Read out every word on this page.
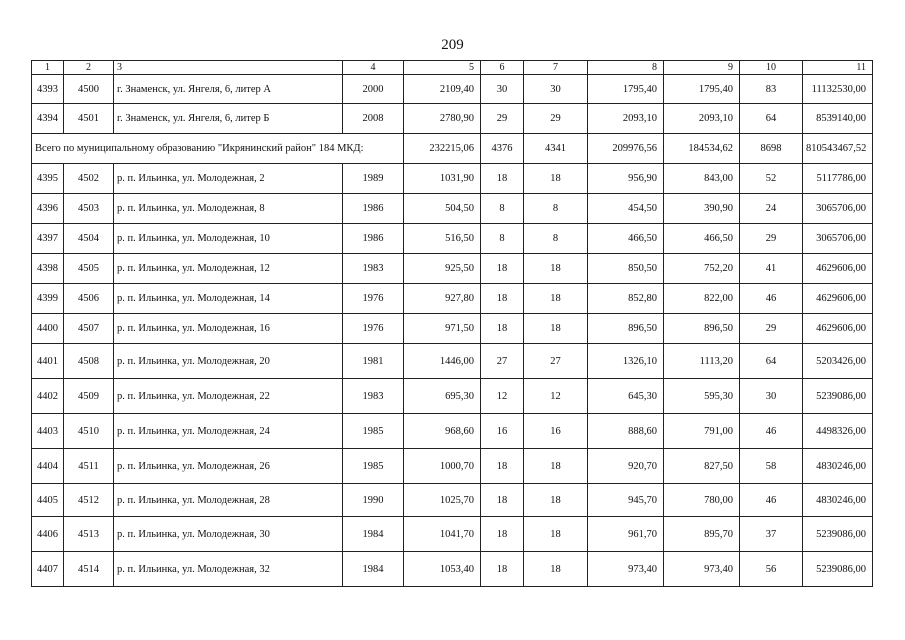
209
1	2	3	4	5	6	7	8	9	10	11
4393	4500	г. Знаменск, ул. Янгеля, 6, литер А	2000	2109,40	30	30	1795,40	1795,40	83	11132530,00
4394	4501	г. Знаменск, ул. Янгеля, 6, литер Б	2008	2780,90	29	29	2093,10	2093,10	64	8539140,00
Всего по муниципальному образованию "Икрянинский район" 184 МКД:				232215,06	4376	4341	209976,56	184534,62	8698	810543467,52
4395	4502	р. п. Ильинка, ул. Молодежная, 2	1989	1031,90	18	18	956,90	843,00	52	5117786,00
4396	4503	р. п. Ильинка, ул. Молодежная, 8	1986	504,50	8	8	454,50	390,90	24	3065706,00
4397	4504	р. п. Ильинка, ул. Молодежная, 10	1986	516,50	8	8	466,50	466,50	29	3065706,00
4398	4505	р. п. Ильинка, ул. Молодежная, 12	1983	925,50	18	18	850,50	752,20	41	4629606,00
4399	4506	р. п. Ильинка, ул. Молодежная, 14	1976	927,80	18	18	852,80	822,00	46	4629606,00
4400	4507	р. п. Ильинка, ул. Молодежная, 16	1976	971,50	18	18	896,50	896,50	29	4629606,00
4401	4508	р. п. Ильинка, ул. Молодежная, 20	1981	1446,00	27	27	1326,10	1113,20	64	5203426,00
4402	4509	р. п. Ильинка, ул. Молодежная, 22	1983	695,30	12	12	645,30	595,30	30	5239086,00
4403	4510	р. п. Ильинка, ул. Молодежная, 24	1985	968,60	16	16	888,60	791,00	46	4498326,00
4404	4511	р. п. Ильинка, ул. Молодежная, 26	1985	1000,70	18	18	920,70	827,50	58	4830246,00
4405	4512	р. п. Ильинка, ул. Молодежная, 28	1990	1025,70	18	18	945,70	780,00	46	4830246,00
4406	4513	р. п. Ильинка, ул. Молодежная, 30	1984	1041,70	18	18	961,70	895,70	37	5239086,00
4407	4514	р. п. Ильинка, ул. Молодежная, 32	1984	1053,40	18	18	973,40	973,40	56	5239086,00
